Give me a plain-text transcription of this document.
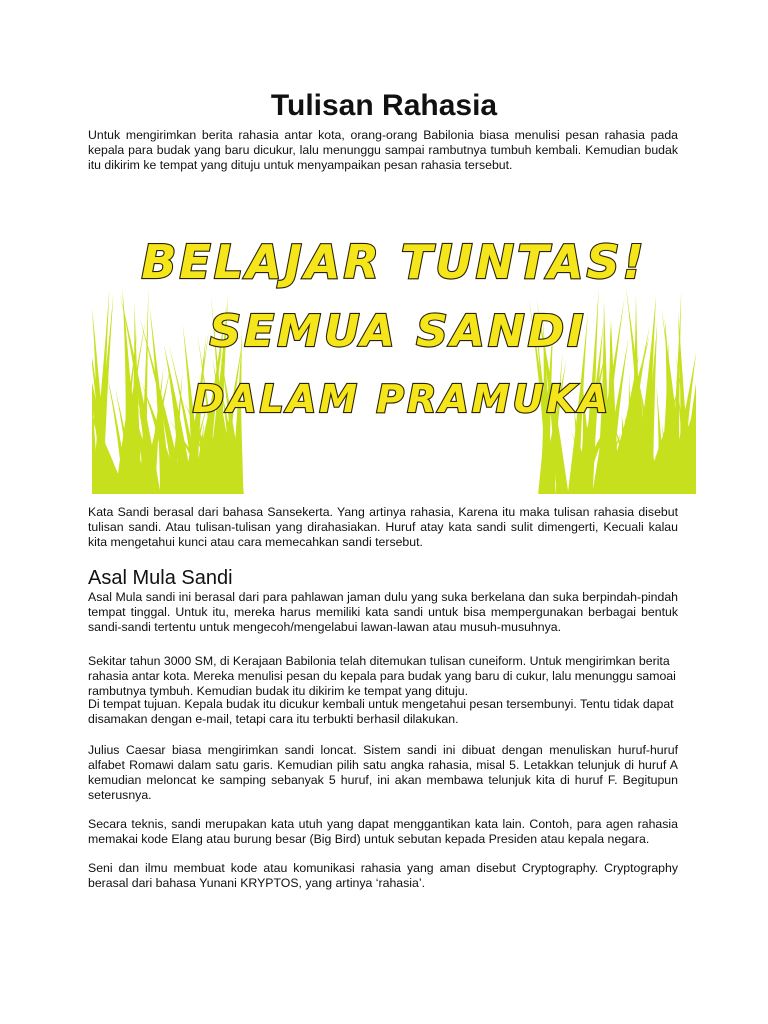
Tulisan Rahasia

Untuk mengirimkan berita rahasia antar kota, orang-orang Babilonia biasa menulisi pesan rahasia pada kepala para budak yang baru dicukur, lalu menunggu sampai rambutnya tumbuh kembali. Kemudian budak itu dikirim ke tempat yang dituju untuk menyampaikan pesan rahasia tersebut.

BELAJAR TUNTAS!
SEMUA SANDI
DALAM PRAMUKA

Kata Sandi berasal dari bahasa Sansekerta. Yang artinya rahasia, Karena itu maka tulisan rahasia disebut tulisan sandi. Atau tulisan-tulisan yang dirahasiakan. Huruf atay kata sandi sulit dimengerti, Kecuali kalau kita mengetahui kunci atau cara memecahkan sandi tersebut.

Asal Mula Sandi

Asal Mula sandi ini berasal dari para pahlawan jaman dulu yang suka berkelana dan suka berpindah-pindah tempat tinggal. Untuk itu, mereka harus memiliki kata sandi untuk bisa mempergunakan berbagai bentuk sandi-sandi tertentu untuk mengecoh/mengelabui lawan-lawan atau musuh-musuhnya.

Sekitar tahun 3000 SM, di Kerajaan Babilonia telah ditemukan tulisan cuneiform. Untuk mengirimkan berita rahasia antar kota. Mereka menulisi pesan du kepala para budak yang baru di cukur, lalu menunggu samoai rambutnya tymbuh. Kemudian budak itu dikirim ke tempat yang dituju.

Di tempat tujuan. Kepala budak itu dicukur kembali untuk mengetahui pesan tersembunyi. Tentu tidak dapat disamakan dengan e-mail, tetapi cara itu terbukti berhasil dilakukan.

Julius Caesar biasa mengirimkan sandi loncat. Sistem sandi ini dibuat dengan menuliskan huruf-huruf alfabet Romawi dalam satu garis. Kemudian pilih satu angka rahasia, misal 5. Letakkan telunjuk di huruf A kemudian meloncat ke samping sebanyak 5 huruf, ini akan membawa telunjuk kita di huruf F. Begitupun seterusnya.

Secara teknis, sandi merupakan kata utuh yang dapat menggantikan kata lain. Contoh, para agen rahasia memakai kode Elang atau burung besar (Big Bird) untuk sebutan kepada Presiden atau kepala negara.

Seni dan ilmu membuat kode atau komunikasi rahasia yang aman disebut Cryptography. Cryptography berasal dari bahasa Yunani KRYPTOS, yang artinya ‘rahasia’.
